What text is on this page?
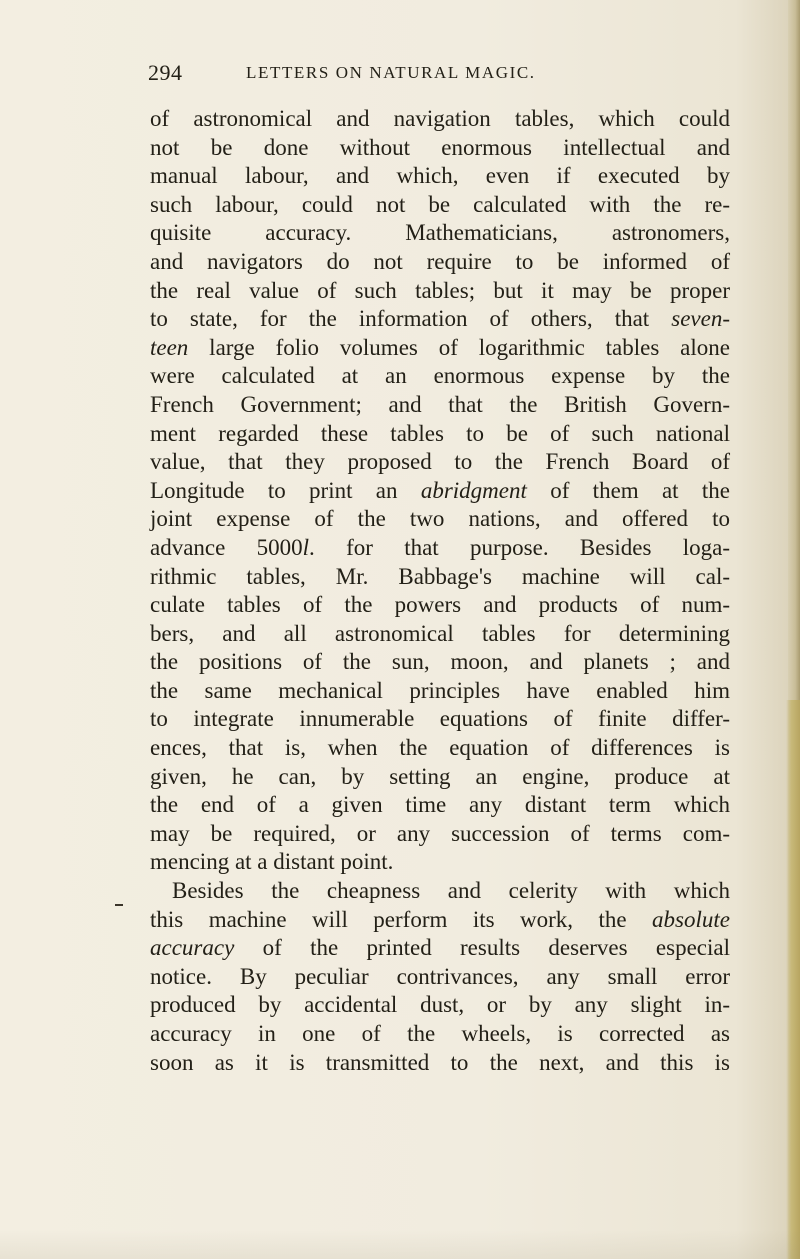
294	LETTERS ON NATURAL MAGIC.
of astronomical and navigation tables, which could
not be done without enormous intellectual and
manual labour, and which, even if executed by
such labour, could not be calculated with the re-
quisite accuracy. Mathematicians, astronomers,
and navigators do not require to be informed of
the real value of such tables; but it may be proper
to state, for the information of others, that seven-
teen large folio volumes of logarithmic tables alone
were calculated at an enormous expense by the
French Government; and that the British Govern-
ment regarded these tables to be of such national
value, that they proposed to the French Board of
Longitude to print an abridgment of them at the
joint expense of the two nations, and offered to
advance 5000l. for that purpose. Besides loga-
rithmic tables, Mr. Babbage's machine will cal-
culate tables of the powers and products of num-
bers, and all astronomical tables for determining
the positions of the sun, moon, and planets ; and
the same mechanical principles have enabled him
to integrate innumerable equations of finite differ-
ences, that is, when the equation of differences is
given, he can, by setting an engine, produce at
the end of a given time any distant term which
may be required, or any succession of terms com-
mencing at a distant point.
Besides the cheapness and celerity with which
this machine will perform its work, the absolute
accuracy of the printed results deserves especial
notice. By peculiar contrivances, any small error
produced by accidental dust, or by any slight in-
accuracy in one of the wheels, is corrected as
soon as it is transmitted to the next, and this is
